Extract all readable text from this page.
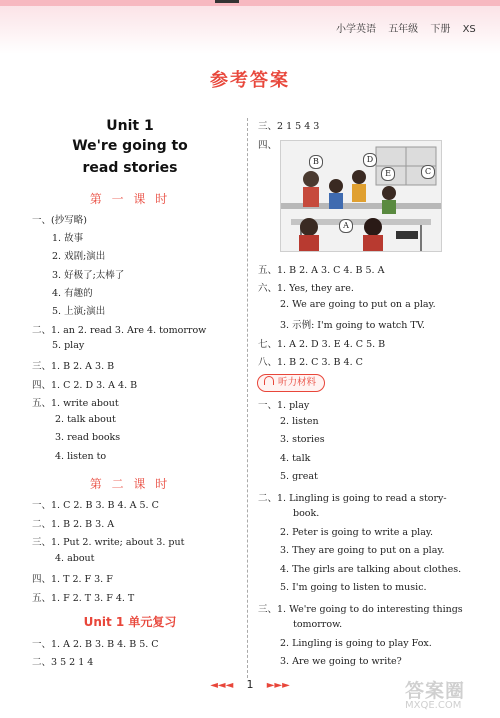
小学英语 五年级 下册 XS
参考答案
Unit 1
We're going to
read stories
第 一 课 时
第 二 课 时
Unit 1 单元复习
一、(抄写略)
1. 故事
2. 戏剧;演出
3. 好极了;太棒了
4. 有趣的
5. 上演;演出
二、1. an 2. read 3. Are 4. tomorrow
5. play
三、1. B 2. A 3. B
四、1. C 2. D 3. A 4. B
五、1. write about
2. talk about
3. read books
4. listen to
一、1. C 2. B 3. B 4. A 5. C
二、1. B 2. B 3. A
三、1. Put 2. write; about 3. put
4. about
四、1. T 2. F 3. F
五、1. F 2. T 3. F 4. T
一、1. A 2. B 3. B 4. B 5. C
二、3 5 2 1 4
三、2 1 5 4 3
四、
B
A
C
D
E
五、1. B 2. A 3. C 4. B 5. A
六、1. Yes, they are.
2. We are going to put on a play.
3. 示例: I'm going to watch TV.
七、1. A 2. D 3. E 4. C 5. B
八、1. B 2. C 3. B 4. C
听力材料
一、1. play
2. listen
3. stories
4. talk
5. great
二、1. Lingling is going to read a story-
book.
2. Peter is going to write a play.
3. They are going to put on a play.
4. The girls are talking about clothes.
5. I'm going to listen to music.
三、1. We're going to do interesting things
tomorrow.
2. Lingling is going to play Fox.
3. Are we going to write?
◄◄◄ 1 ►►►	答案圈
MXQE.COM
